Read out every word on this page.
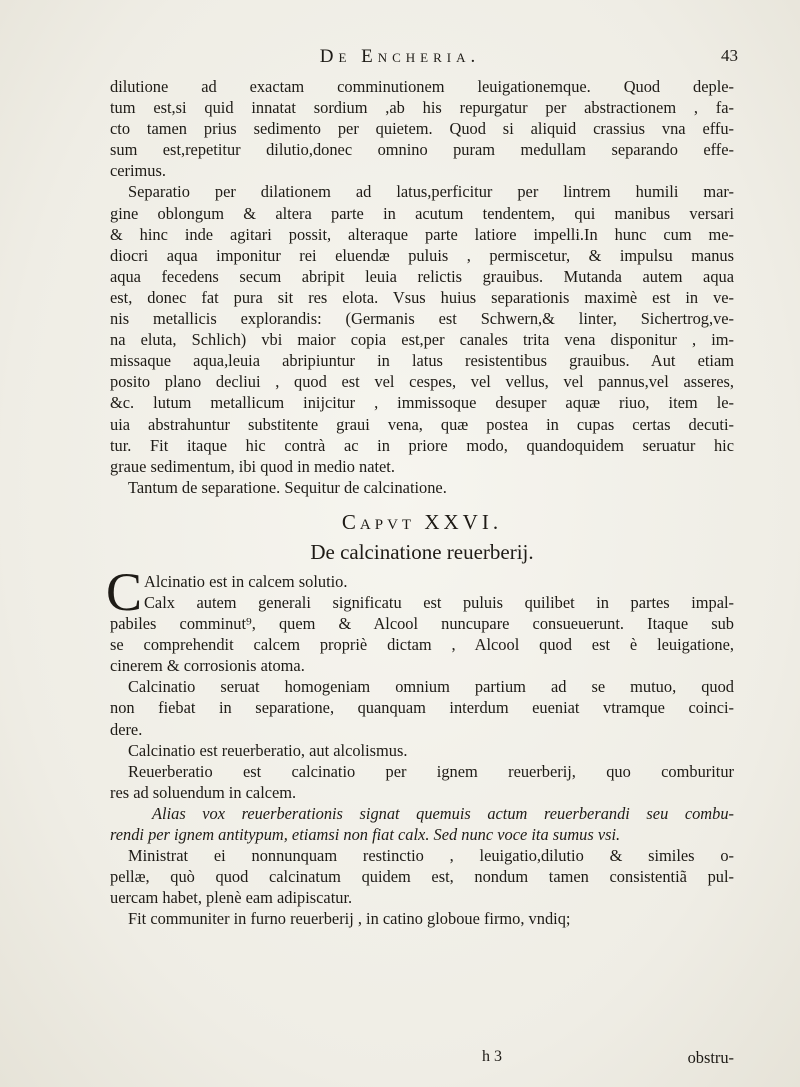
De Encheria.	43
dilutione ad exactam comminutionem leuigationemque. Quod deple-
tum est,si quid innatat sordium ,ab his repurgatur per abstractionem , fa-
cto tamen prius sedimento per quietem. Quod si aliquid crassius vna effu-
sum est,repetitur dilutio,donec omnino puram medullam separando effe-
cerimus.
Separatio per dilationem ad latus,perficitur per lintrem humili mar-
gine oblongum & altera parte in acutum tendentem, qui manibus versari
& hinc inde agitari possit, alteraque parte latiore impelli.In hunc cum me-
diocri aqua imponitur rei eluendæ puluis , permiscetur, & impulsu manus
aqua fecedens secum abripit leuia relictis grauibus. Mutanda autem aqua
est, donec fat pura sit res elota. Vsus huius separationis maximè est in ve-
nis metallicis explorandis: (Germanis est Schwern,& linter, Sichertrog,ve-
na eluta, Schlich) vbi maior copia est,per canales trita vena disponitur , im-
missaque aqua,leuia abripiuntur in latus resistentibus grauibus. Aut etiam
posito plano decliui , quod est vel cespes, vel vellus, vel pannus,vel asseres,
&c. lutum metallicum inijcitur , immissoque desuper aquæ riuo, item le-
uia abstrahuntur substitente graui vena, quæ postea in cupas certas decuti-
tur. Fit itaque hic contrà ac in priore modo, quandoquidem seruatur hic
graue sedimentum, ibi quod in medio natet.
Tantum de separatione. Sequitur de calcinatione.
Capvt XXVI.
De calcinatione reuerberij.
C Alcinatio est in calcem solutio.
Calx autem generali significatu est puluis quilibet in partes impal-
pabiles comminut⁹, quem & Alcool nuncupare consueuerunt. Itaque sub
se comprehendit calcem propriè dictam , Alcool quod est è leuigatione,
cinerem & corrosionis atoma.
Calcinatio seruat homogeniam omnium partium ad se mutuo, quod
non fiebat in separatione, quanquam interdum eueniat vtramque coinci-
dere.
Calcinatio est reuerberatio, aut alcolismus.
Reuerberatio est calcinatio per ignem reuerberij, quo comburitur
res ad soluendum in calcem.
Alias vox reuerberationis signat quemuis actum reuerberandi seu combu-
rendi per ignem antitypum, etiamsi non fiat calx. Sed nunc voce ita sumus vsi.
Ministrat ei nonnunquam restinctio , leuigatio,dilutio & similes o-
pellæ, quò quod calcinatum quidem est, nondum tamen consistentiã pul-
uercam habet, plenè eam adipiscatur.
Fit communiter in furno reuerberij , in catino globoue firmo, vndiq;
h 3	obstru-
